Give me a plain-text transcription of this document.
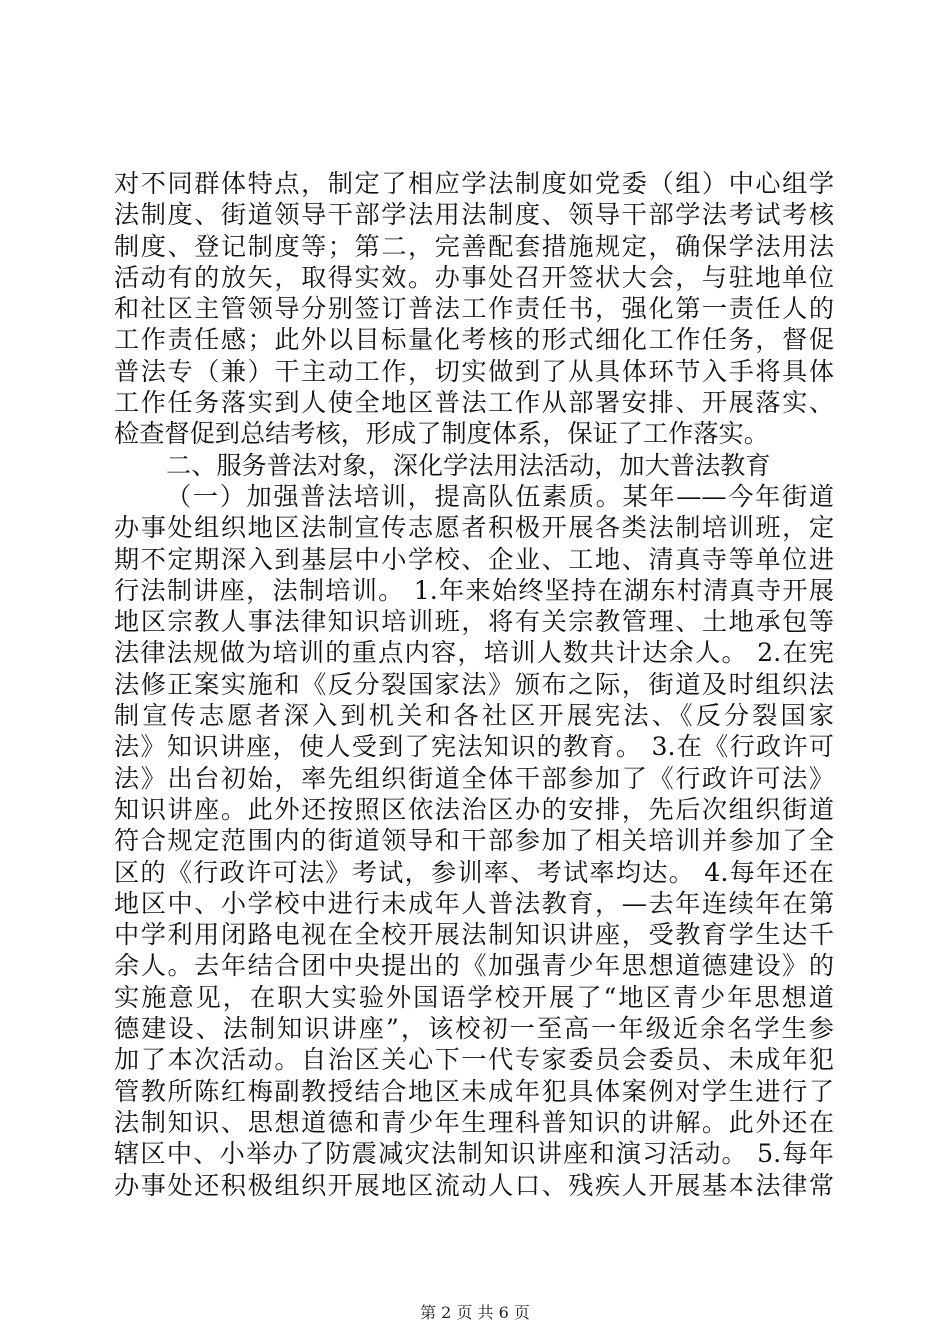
对不同群体特点，制定了相应学法制度如党委（组）中心组学
法制度、街道领导干部学法用法制度、领导干部学法考试考核
制度、登记制度等；第二，完善配套措施规定，确保学法用法
活动有的放矢，取得实效。办事处召开签状大会，与驻地单位
和社区主管领导分别签订普法工作责任书，强化第一责任人的
工作责任感；此外以目标量化考核的形式细化工作任务，督促
普法专（兼）干主动工作，切实做到了从具体环节入手将具体
工作任务落实到人使全地区普法工作从部署安排、开展落实、
检查督促到总结考核，形成了制度体系，保证了工作落实。
二、服务普法对象，深化学法用法活动，加大普法教育
（一）加强普法培训，提高队伍素质。某年——今年街道
办事处组织地区法制宣传志愿者积极开展各类法制培训班，定
期不定期深入到基层中小学校、企业、工地、清真寺等单位进
行法制讲座，法制培训。 1.年来始终坚持在湖东村清真寺开展
地区宗教人事法律知识培训班，将有关宗教管理、土地承包等
法律法规做为培训的重点内容，培训人数共计达余人。 2.在宪
法修正案实施和《反分裂国家法》颁布之际，街道及时组织法
制宣传志愿者深入到机关和各社区开展宪法、《反分裂国家
法》知识讲座，使人受到了宪法知识的教育。 3.在《行政许可
法》出台初始，率先组织街道全体干部参加了《行政许可法》
知识讲座。此外还按照区依法治区办的安排，先后次组织街道
符合规定范围内的街道领导和干部参加了相关培训并参加了全
区的《行政许可法》考试，参训率、考试率均达。 4.每年还在
地区中、小学校中进行未成年人普法教育，—去年连续年在第
中学利用闭路电视在全校开展法制知识讲座，受教育学生达千
余人。去年结合团中央提出的《加强青少年思想道德建设》的
实施意见，在职大实验外国语学校开展了“地区青少年思想道
德建设、法制知识讲座”，该校初一至高一年级近余名学生参
加了本次活动。自治区关心下一代专家委员会委员、未成年犯
管教所陈红梅副教授结合地区未成年犯具体案例对学生进行了
法制知识、思想道德和青少年生理科普知识的讲解。此外还在
辖区中、小举办了防震减灾法制知识讲座和演习活动。 5.每年
办事处还积极组织开展地区流动人口、残疾人开展基本法律常
第 2 页 共 6 页
